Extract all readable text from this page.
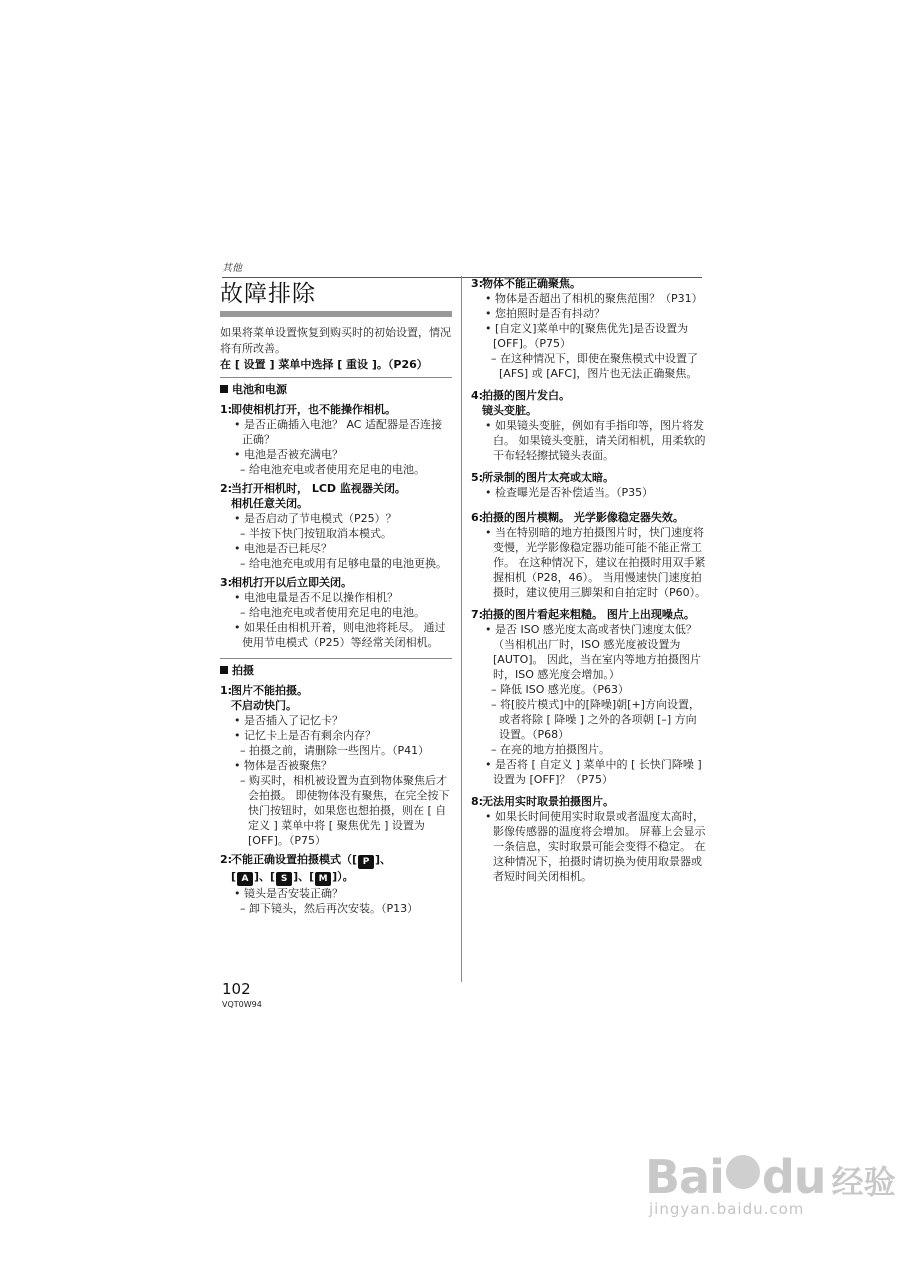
其他
故障排除
如果将菜单设置恢复到购买时的初始设置，情况将有所改善。
在 [ 设置 ] 菜单中选择 [ 重设 ]。（P26）
电池和电源
1:即使相机打开，也不能操作相机。
• 是否正确插入电池？ AC 适配器是否连接正确？
• 电池是否被充满电？
– 给电池充电或者使用充足电的电池。
2:当打开相机时， LCD 监视器关闭。
相机任意关闭。
• 是否启动了节电模式（P25）？
– 半按下快门按钮取消本模式。
• 电池是否已耗尽？
– 给电池充电或用有足够电量的电池更换。
3:相机打开以后立即关闭。
• 电池电量是否不足以操作相机？
– 给电池充电或者使用充足电的电池。
• 如果任由相机开着，则电池将耗尽。 通过使用节电模式（P25）等经常关闭相机。
拍摄
1:图片不能拍摄。
不启动快门。
• 是否插入了记忆卡？
• 记忆卡上是否有剩余内存？
– 拍摄之前，请删除一些图片。（P41）
• 物体是否被聚焦？
– 购买时，相机被设置为直到物体聚焦后才会拍摄。 即使物体没有聚焦，在完全按下快门按钮时，如果您也想拍摄，则在 [ 自定义 ] 菜单中将 [ 聚焦优先 ] 设置为 [OFF]。（P75）
2:不能正确设置拍摄模式（[ P ]、
[ A ]、[ S ]、[ M ]）。
• 镜头是否安装正确？
– 卸下镜头，然后再次安装。（P13）
3:物体不能正确聚焦。
• 物体是否超出了相机的聚焦范围？（P31）
• 您拍照时是否有抖动？
• [自定义]菜单中的[聚焦优先]是否设置为[OFF]。（P75）
– 在这种情况下，即使在聚焦模式中设置了 [AFS] 或 [AFC]，图片也无法正确聚焦。
4:拍摄的图片发白。
镜头变脏。
• 如果镜头变脏，例如有手指印等，图片将发白。 如果镜头变脏，请关闭相机，用柔软的干布轻轻擦拭镜头表面。
5:所录制的图片太亮或太暗。
• 检查曝光是否补偿适当。（P35）
6:拍摄的图片模糊。 光学影像稳定器失效。
• 当在特别暗的地方拍摄图片时，快门速度将变慢，光学影像稳定器功能可能不能正常工作。 在这种情况下，建议在拍摄时用双手紧握相机（P28，46）。 当用慢速快门速度拍摄时，建议使用三脚架和自拍定时（P60）。
7:拍摄的图片看起来粗糙。 图片上出现噪点。
• 是否 ISO 感光度太高或者快门速度太低？
（当相机出厂时，ISO 感光度被设置为 [AUTO]。 因此，当在室内等地方拍摄图片时，ISO 感光度会增加。）
– 降低 ISO 感光度。（P63）
– 将[胶片模式]中的[降噪]朝[+]方向设置，或者将除 [ 降噪 ] 之外的各项朝 [–] 方向设置。（P68）
– 在亮的地方拍摄图片。
• 是否将 [ 自定义 ] 菜单中的 [ 长快门降噪 ] 设置为 [OFF]？（P75）
8:无法用实时取景拍摄图片。
• 如果长时间使用实时取景或者温度太高时，影像传感器的温度将会增加。 屏幕上会显示一条信息，实时取景可能会变得不稳定。 在这种情况下，拍摄时请切换为使用取景器或者短时间关闭相机。
102
VQT0W94
Bai du 经验
jingyan.baidu.com
